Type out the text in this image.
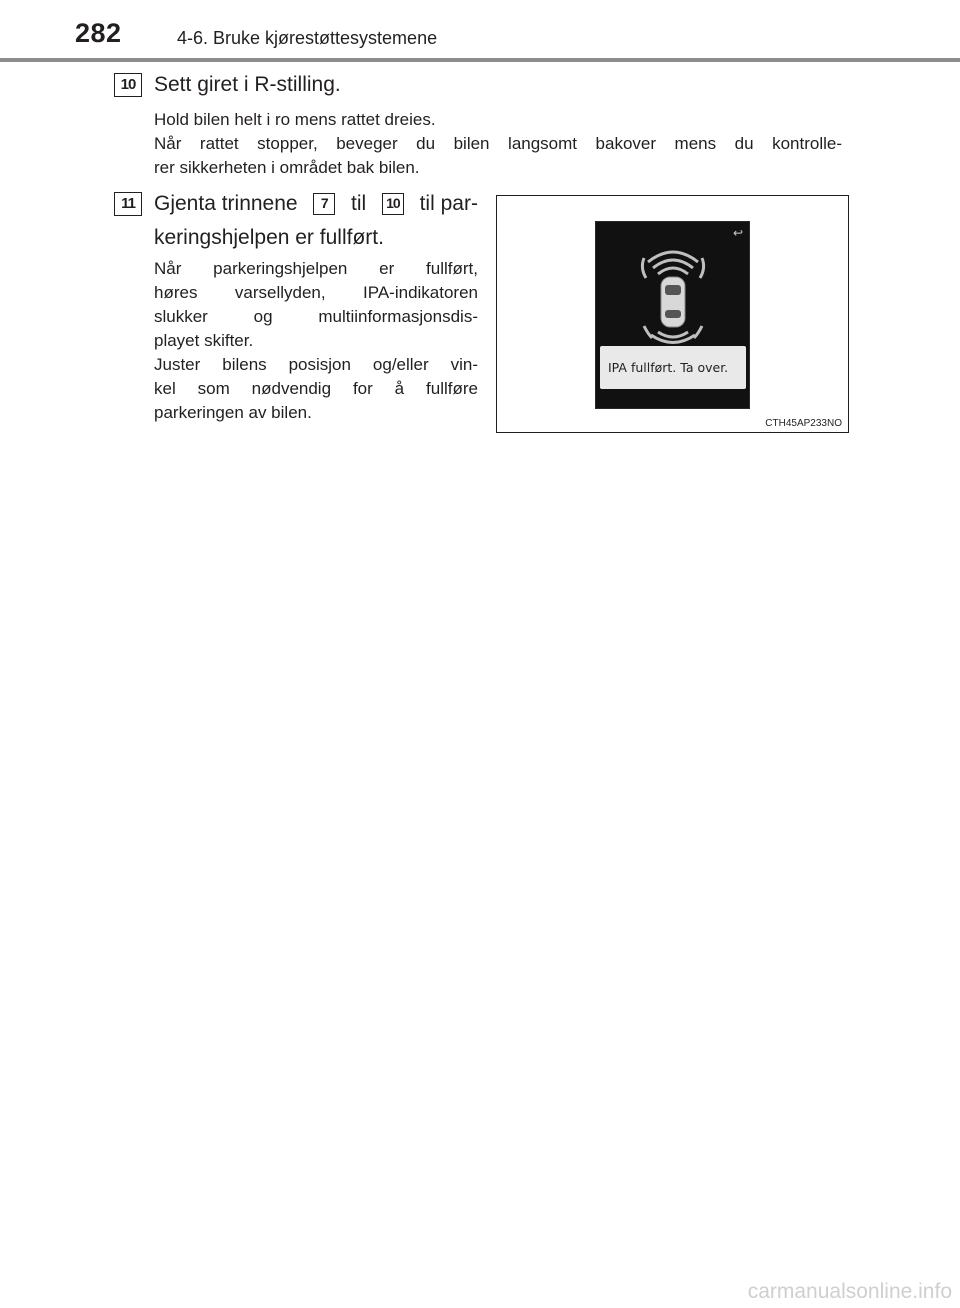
282	4-6. Bruke kjørestøttesystemene
10 Sett giret i R-stilling.
Hold bilen helt i ro mens rattet dreies.
Når rattet stopper, beveger du bilen langsomt bakover mens du kontrolle-
rer sikkerheten i området bak bilen.
11 Gjenta trinnene	7	til	10 til par-
keringshjelpen er fullført.
Når parkeringshjelpen er fullført,
høres varsellyden, IPA-indikatoren
slukker og multiinformasjonsdis-
playet skifter.
Juster bilens posisjon og/eller vin-
kel som nødvendig for å fullføre
parkeringen av bilen.
↩
IPA fullført. Ta over.
CTH45AP233NO
carmanualsonline.info
